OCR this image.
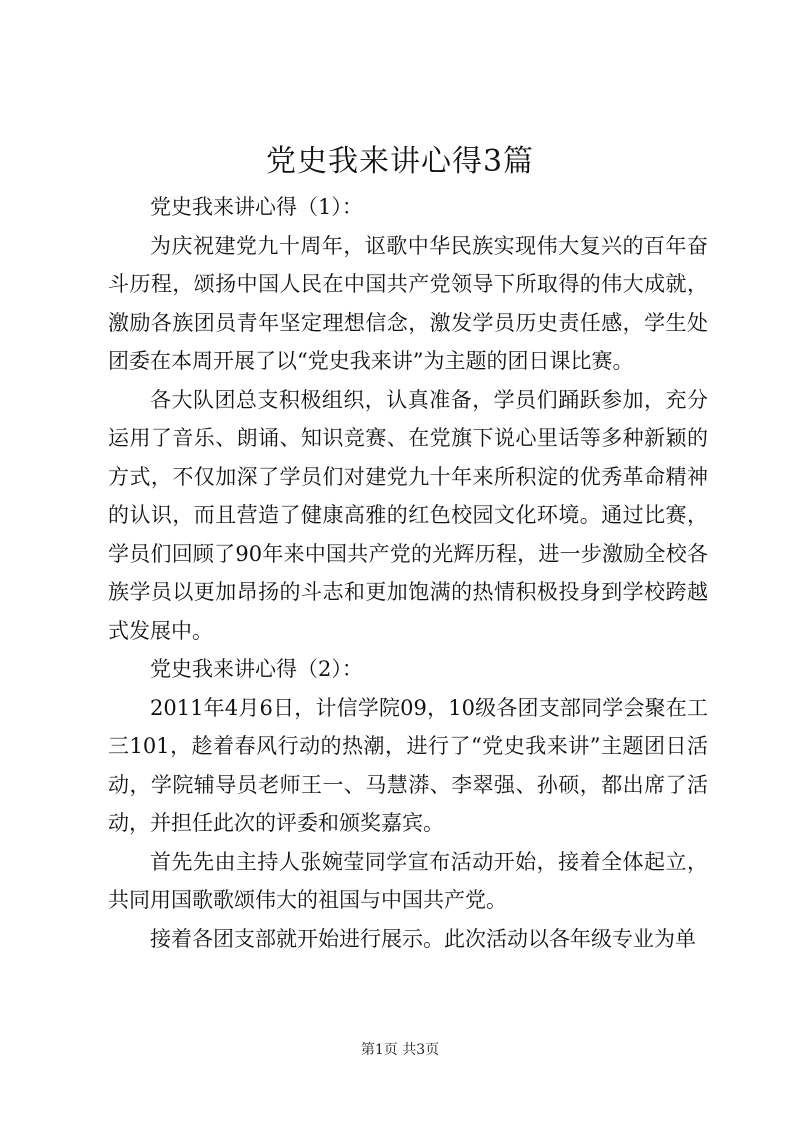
党史我来讲心得3篇

党史我来讲心得（1）：

为庆祝建党九十周年，讴歌中华民族实现伟大复兴的百年奋斗历程，颂扬中国人民在中国共产党领导下所取得的伟大成就，激励各族团员青年坚定理想信念，激发学员历史责任感，学生处团委在本周开展了以“党史我来讲”为主题的团日课比赛。

各大队团总支积极组织，认真准备，学员们踊跃参加，充分运用了音乐、朗诵、知识竞赛、在党旗下说心里话等多种新颖的方式，不仅加深了学员们对建党九十年来所积淀的优秀革命精神的认识，而且营造了健康高雅的红色校园文化环境。通过比赛，学员们回顾了90年来中国共产党的光辉历程，进一步激励全校各族学员以更加昂扬的斗志和更加饱满的热情积极投身到学校跨越式发展中。

党史我来讲心得（2）：

2011年4月6日，计信学院09，10级各团支部同学会聚在工三101，趁着春风行动的热潮，进行了“党史我来讲”主题团日活动，学院辅导员老师王一、马慧漭、李翠强、孙硕，都出席了活动，并担任此次的评委和颁奖嘉宾。

首先先由主持人张婉莹同学宣布活动开始，接着全体起立，共同用国歌歌颂伟大的祖国与中国共产党。

接着各团支部就开始进行展示。此次活动以各年级专业为单

第1页 共3页
